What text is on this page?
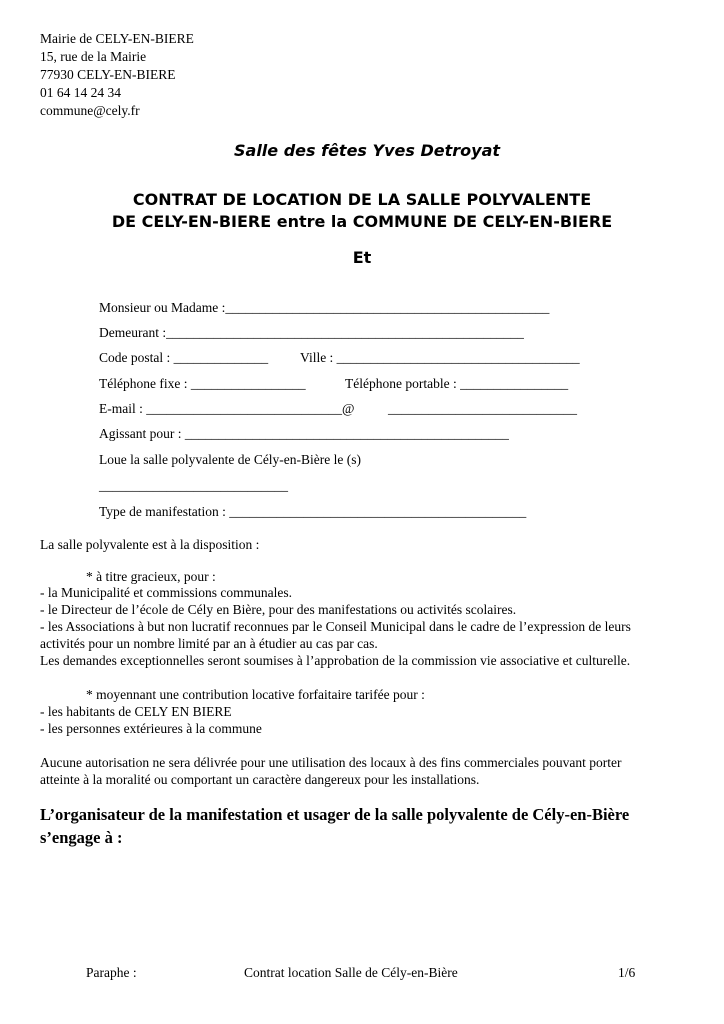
Mairie de CELY-EN-BIERE
15, rue de la Mairie
77930 CELY-EN-BIERE
01 64 14 24 34
commune@cely.fr
Salle des fêtes Yves Detroyat
CONTRAT DE LOCATION DE LA SALLE POLYVALENTE
DE CELY-EN-BIERE entre la COMMUNE DE CELY-EN-BIERE
Et
Monsieur ou Madame :________________________________________________
Demeurant :_____________________________________________________
Code postal : ______________ Ville : ____________________________________
Téléphone fixe : _________________	Téléphone portable : ________________
E-mail : _____________________________@ ____________________________
Agissant pour : ________________________________________________
Loue la salle polyvalente de Cély-en-Bière le (s)
____________________________
Type de manifestation : ____________________________________________
La salle polyvalente est à la disposition :
* à titre gracieux, pour :
- la Municipalité et commissions communales.
- le Directeur de l’école de Cély en Bière, pour des manifestations ou activités scolaires.
- les Associations à but non lucratif reconnues par le Conseil Municipal dans le cadre de l’expression de leurs
activités pour un nombre limité par an à étudier au cas par cas.
Les demandes exceptionnelles seront soumises à l’approbation de la commission vie associative et culturelle.
* moyennant une contribution locative forfaitaire tarifée pour :
- les habitants de CELY EN BIERE
- les personnes extérieures à la commune
Aucune autorisation ne sera délivrée pour une utilisation des locaux à des fins commerciales pouvant porter
atteinte à la moralité ou comportant un caractère dangereux pour les installations.
L’organisateur de la manifestation et usager de la salle polyvalente de Cély-en-Bière
s’engage à :
Paraphe :	Contrat location Salle de Cély-en-Bière	1/6
